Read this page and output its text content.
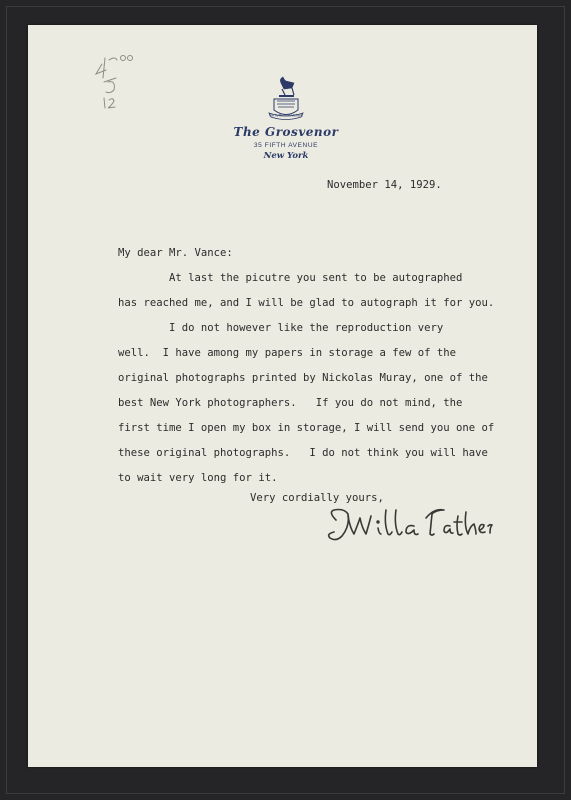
VIRTUTE NON VERBIS
The Grosvenor
35 FIFTH AVENUE
New York

November 14, 1929.

My dear Mr. Vance:

At last the picutre you sent to be autographed

has reached me, and I will be glad to autograph it for you.

I do not however like the reproduction very

well.  I have among my papers in storage a few of the

original photographs printed by Nickolas Muray, one of the

best New York photographers.   If you do not mind, the

first time I open my box in storage, I will send you one of

these original photographs.   I do not think you will have

to wait very long for it.

Very cordially yours,
